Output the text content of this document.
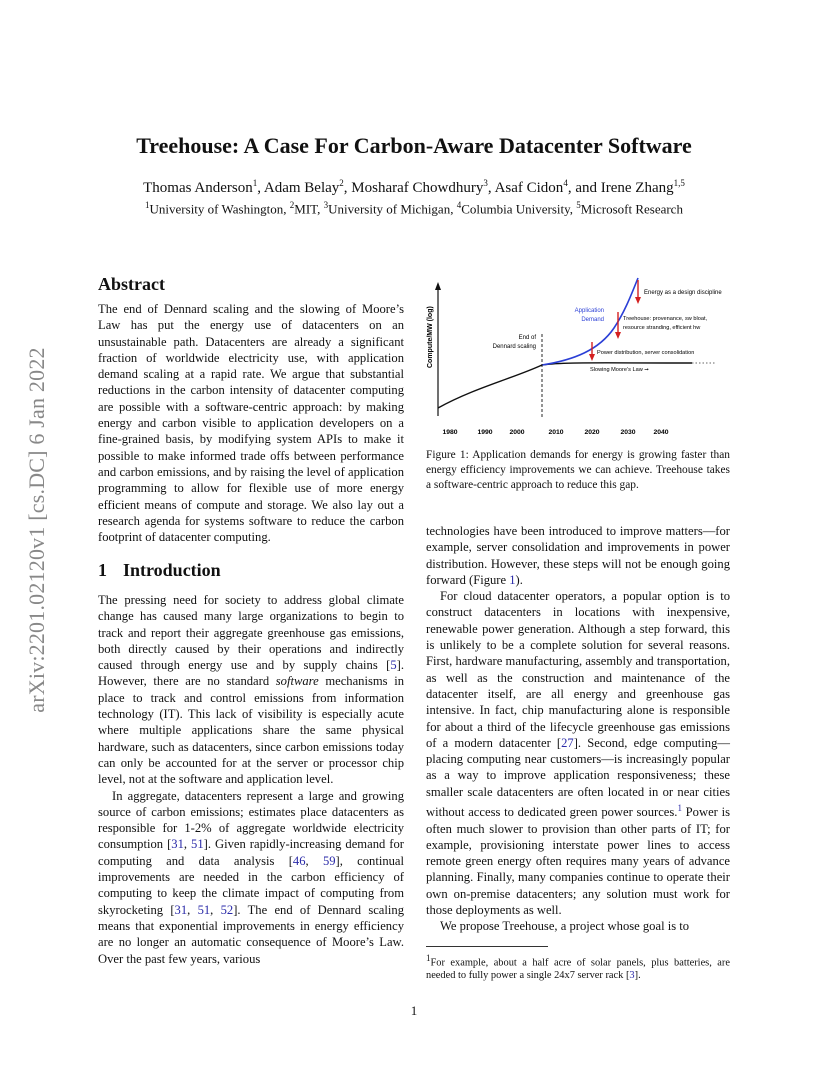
arXiv:2201.02120v1 [cs.DC] 6 Jan 2022
Treehouse: A Case For Carbon-Aware Datacenter Software
Thomas Anderson$^1$, Adam Belay$^2$, Mosharaf Chowdhury$^3$, Asaf Cidon$^4$, and Irene Zhang$^{1,5}$
$^1$University of Washington, $^2$MIT, $^3$University of Michigan, $^4$Columbia University, $^5$Microsoft Research
Abstract

The end of Dennard scaling and the slowing of Moore’s Law has put the energy use of datacenters on an unsustainable path. Datacenters are already a significant fraction of worldwide electricity use, with application demand scaling at a rapid rate. We argue that substantial reductions in the carbon intensity of datacenter computing are possible with a software-centric approach: by making energy and carbon visible to application developers on a fine-grained basis, by modifying system APIs to make it possible to make informed trade offs between performance and carbon emissions, and by raising the level of application programming to allow for flexible use of more energy efficient means of compute and storage. We also lay out a research agenda for systems software to reduce the carbon footprint of datacenter computing.

1 Introduction

The pressing need for society to address global climate change has caused many large organizations to begin to track and report their aggregate greenhouse gas emissions, both directly caused by their operations and indirectly caused through energy use and by supply chains [5]. However, there are no standard software mechanisms in place to track and control emissions from information technology (IT). This lack of visibility is especially acute where multiple applications share the same physical hardware, such as datacenters, since carbon emissions today can only be accounted for at the server or processor chip level, not at the software and application level.

In aggregate, datacenters represent a large and growing source of carbon emissions; estimates place datacenters as responsible for 1-2% of aggregate worldwide electricity consumption [31, 51]. Given rapidly-increasing demand for computing and data analysis [46, 59], continual improvements are needed in the carbon efficiency of computing to keep the climate impact of computing from skyrocketing [31, 51, 52]. The end of Dennard scaling means that exponential improvements in energy efficiency are no longer an automatic consequence of Moore’s Law. Over the past few years, various

Compute/MW (log)	End of
Dennard scaling
Application
Demand
Energy as a design discipline
Treehouse: provenance, sw bloat,
resource stranding, efficient hw
Power distribution, server consolidation
Slowing Moore’s Law ➞
1980	1990 2000	2010	2020	2030	2040
Figure 1: Application demands for energy is growing faster than energy efficiency improvements we can achieve. Treehouse takes a software-centric approach to reduce this gap.

technologies have been introduced to improve matters—for example, server consolidation and improvements in power distribution. However, these steps will not be enough going forward (Figure 1).

For cloud datacenter operators, a popular option is to construct datacenters in locations with inexpensive, renewable power generation. Although a step forward, this is unlikely to be a complete solution for several reasons. First, hardware manufacturing, assembly and transportation, as well as the construction and maintenance of the datacenter itself, are all energy and greenhouse gas intensive. In fact, chip manufacturing alone is responsible for about a third of the lifecycle greenhouse gas emissions of a modern datacenter [27]. Second, edge computing—placing computing near customers—is increasingly popular as a way to improve application responsiveness; these smaller scale datacenters are often located in or near cities without access to dedicated green power sources.$^1$ Power is often much slower to provision than other parts of IT; for example, provisioning interstate power lines to access remote green energy often requires many years of advance planning. Finally, many companies continue to operate their own on-premise datacenters; any solution must work for those deployments as well.

We propose Treehouse, a project whose goal is to

$^1$For example, about a half acre of solar panels, plus batteries, are needed to fully power a single 24x7 server rack [3].
1
